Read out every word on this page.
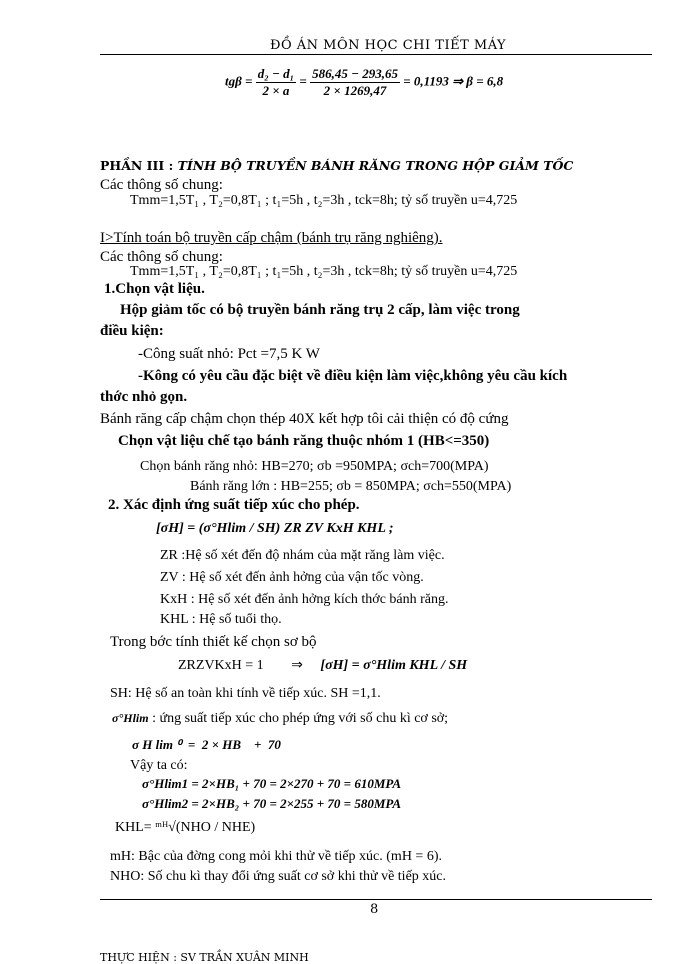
ĐỒ ÁN MÔN HỌC CHI TIẾT MÁY
$tg\beta = \frac{\text{d₂ − d₁}}{2 \times a} = \frac{586,45 - 293,65}{2 \times 1269,47} = 0,1193$ ⇒ β = 6,8
PHẦN III : TÍNH BỘ TRUYỀN BÁNH RĂNG TRONG HỘP GIẢM TỐC
Các thông số chung:
Tmm=1,5T₁ , T₂=0,8T₁ ; t₁=5h , t₂=3h , tck=8h; tỷ số truyền u=4,725
I>Tính toán bộ truyền cấp chậm (bánh trụ răng nghiêng).
Các thông số chung:
Tmm=1,5T₁ , T₂=0,8T₁ ; t₁=5h , t₂=3h , tck=8h; tỷ số truyền u=4,725
1.Chọn vật liệu.
Hộp giảm tốc có bộ truyền bánh răng trụ 2 cấp, làm việc trong
điều kiện:
-Công suất nhỏ: Pct =7,5 K W
-Kông có yêu cầu đặc biệt về điều kiện làm việc,không yêu cầu kích
thớc nhỏ gọn.
Bánh răng cấp chậm chọn thép 40X kết hợp tôi cải thiện có độ cứng
Chọn vật liệu chế tạo bánh răng thuộc nhóm 1 (HB<=350)
Chọn bánh răng nhỏ: HB=270; σb =950MPA; σch=700(MPA)
Bánh răng lớn : HB=255; σb = 850MPA; σch=550(MPA)
2. Xác định ứng suất tiếp xúc cho phép.
[σH] = (σ°Hlim / SH) ZR ZV KxH KHL ;
ZR :Hệ số xét đến độ nhám của mặt răng làm việc.
ZV : Hệ số xét đến ảnh hởng của vận tốc vòng.
KxH : Hệ số xét đến ảnh hởng kích thớc bánh răng.
KHL : Hệ số tuổi thọ.
Trong bớc tính thiết kế chọn sơ bộ
ZRZVKxH = 1 ⇒ [σH] = σ°Hlim KHL / SH
SH: Hệ số an toàn khi tính về tiếp xúc. SH =1,1.
σ°Hlim : ứng suất tiếp xúc cho phép ứng với số chu kì cơ sở;
σ H lim ⁰  =  2 × HB    +  70
Vậy ta có:
σ°Hlim1 = 2×HB₁ + 70 = 2×270 + 70 = 610MPA
σ°Hlim2 = 2×HB₂ + 70 = 2×255 + 70 = 580MPA
KHL= ᵐᴴ√(NHO / NHE)
mH: Bậc của đờng cong mỏi khi thử về tiếp xúc. (mH = 6).
NHO: Số chu kì thay đổi ứng suất cơ sở khi thử về tiếp xúc.
8
THỰC HIỆN : SV TRẦN XUÂN MINH
